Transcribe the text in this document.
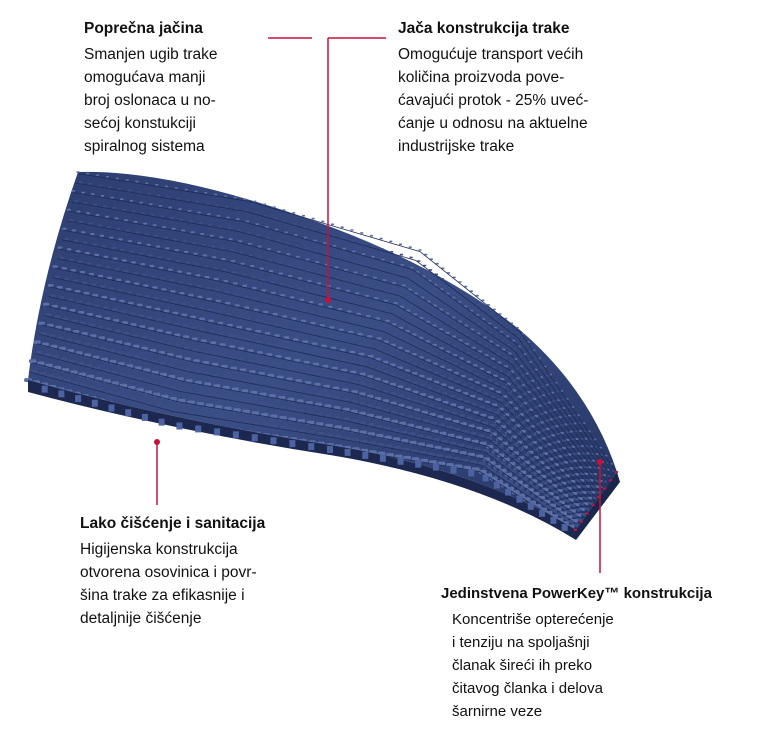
Poprečna jačina
Smanjen ugib trake
omogućava manji
broj oslonaca u no-
sećoj konstukciji
spiralnog sistema
Jača konstrukcija trake
Omogućuje transport većih
količina proizvoda pove-
ćavajući protok - 25% uveć-
ćanje u odnosu na aktuelne
industrijske trake
Lako čišćenje i sanitacija
Higijenska konstrukcija
otvorena osovinica i povr-
šina trake za efikasnije i
detaljnije čišćenje
Jedinstvena PowerKey™ konstrukcija
Koncentriše opterećenje
i tenziju na spoljašnji
članak šireći ih preko
čitavog članka i delova
šarnirne veze
